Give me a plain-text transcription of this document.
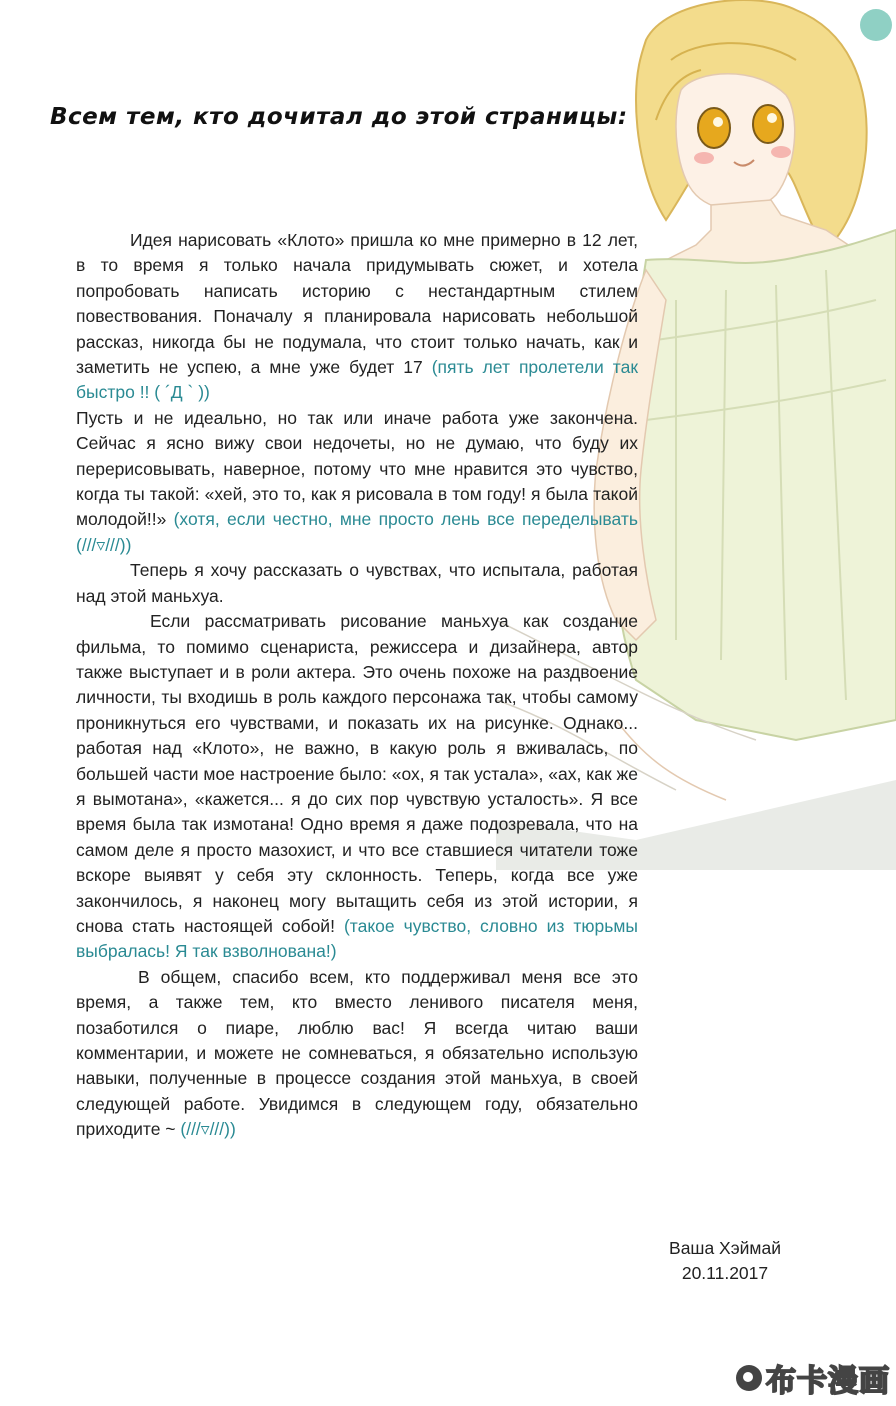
Всем тем, кто дочитал до этой страницы:

Идея нарисовать «Клото» пришла ко мне примерно в 12 лет, в то время я только начала придумывать сюжет, и хотела попробовать написать историю с нестандартным стилем повествования. Поначалу я планировала нарисовать небольшой рассказ, никогда бы не подумала, что стоит только начать, как и заметить не успею, а мне уже будет 17 (пять лет пролетели так быстро !! ( ´Д ` ))

Пусть и не идеально, но так или иначе работа уже закончена. Сейчас я ясно вижу свои недочеты, но не думаю, что буду их перерисовывать, наверное, потому что мне нравится это чувство, когда ты такой: «хей, это то, как я рисовала в том году! я была такой молодой!!» (хотя, если честно, мне просто лень все переделывать (///▿///))

Теперь я хочу рассказать о чувствах, что испытала, работая над этой маньхуа.

Если рассматривать рисование маньхуа как создание фильма, то помимо сценариста, режиссера и дизайнера, автор также выступает и в роли актера. Это очень похоже на раздвоение личности, ты входишь в роль каждого персонажа так, чтобы самому проникнуться его чувствами, и показать их на рисунке. Однако... работая над «Клото», не важно, в какую роль я вживалась, по большей части мое настроение было: «ох, я так устала», «ах, как же я вымотана», «кажется... я до сих пор чувствую усталость». Я все время была так измотана! Одно время я даже подозревала, что на самом деле я просто мазохист, и что все ставшиеся читатели тоже вскоре выявят у себя эту склонность. Теперь, когда все уже закончилось, я наконец могу вытащить себя из этой истории, я снова стать настоящей собой! (такое чувство, словно из тюрьмы выбралась! Я так взволнована!)

В общем, спасибо всем, кто поддерживал меня все это время, а также тем, кто вместо ленивого писателя меня, позаботился о пиаре, люблю вас! Я всегда читаю ваши комментарии, и можете не сомневаться, я обязательно использую навыки, полученные в процессе создания этой маньхуа, в своей следующей работе. Увидимся в следующем году, обязательно приходите ~ (///▿///))

Ваша Хэймай
20.11.2017
布卡漫画
